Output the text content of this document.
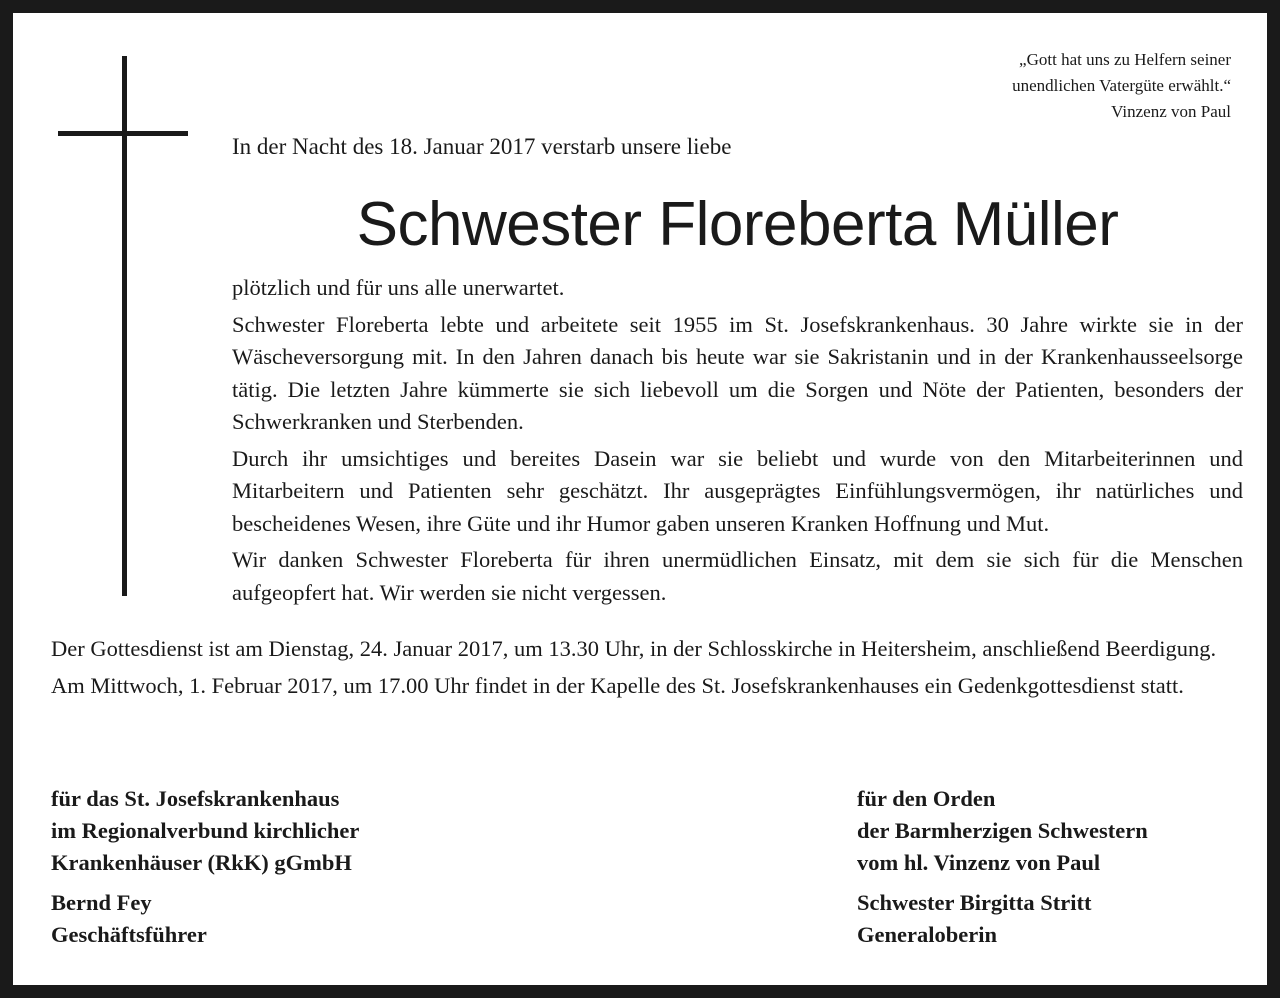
„Gott hat uns zu Helfern seiner
unendlichen Vatergüte erwählt.“
Vinzenz von Paul
In der Nacht des 18. Januar 2017 verstarb unsere liebe
Schwester Floreberta Müller

plötzlich und für uns alle unerwartet.

Schwester Floreberta lebte und arbeitete seit 1955 im St. Josefskrankenhaus. 30 Jahre wirkte sie in der Wäscheversorgung mit. In den Jahren danach bis heute war sie Sakristanin und in der Krankenhausseelsorge tätig. Die letzten Jahre kümmerte sie sich liebevoll um die Sorgen und Nöte der Patienten, besonders der Schwerkranken und Sterbenden.

Durch ihr umsichtiges und bereites Dasein war sie beliebt und wurde von den Mitarbeiterinnen und Mitarbeitern und Patienten sehr geschätzt. Ihr ausgeprägtes Einfühlungsvermögen, ihr natürliches und bescheidenes Wesen, ihre Güte und ihr Humor gaben unseren Kranken Hoffnung und Mut.

Wir danken Schwester Floreberta für ihren unermüdlichen Einsatz, mit dem sie sich für die Menschen aufgeopfert hat. Wir werden sie nicht vergessen.

Der Gottesdienst ist am Dienstag, 24. Januar 2017, um 13.30 Uhr, in der Schlosskirche in Heitersheim, anschließend Beerdigung.

Am Mittwoch, 1. Februar 2017, um 17.00 Uhr findet in der Kapelle des St. Josefskrankenhauses ein Gedenkgottesdienst statt.

für das St. Josefskrankenhaus
im Regionalverbund kirchlicher
Krankenhäuser (RkK) gGmbH
Bernd Fey
Geschäftsführer
für den Orden
der Barmherzigen Schwestern
vom hl. Vinzenz von Paul
Schwester Birgitta Stritt
Generaloberin
